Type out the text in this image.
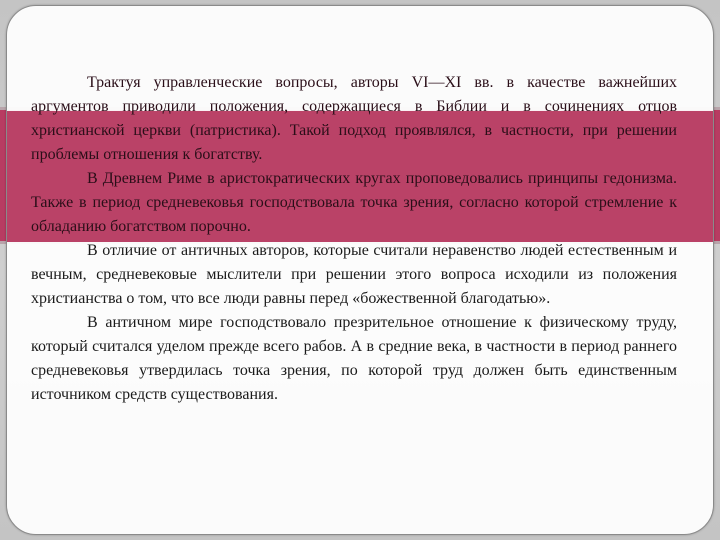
Трактуя управленческие вопросы, авторы VI—XI вв. в качестве важнейших аргументов приводили положения, содержащиеся в Библии и в сочинениях отцов христианской церкви (патристика). Такой подход проявлялся, в частности, при решении проблемы отношения к богатству.

В Древнем Риме в аристократических кругах проповедовались принципы гедонизма. Также в период средневековья господствовала точка зрения, согласно которой стремление к обладанию богатством порочно.

В отличие от античных авторов, которые считали неравенство людей естественным и вечным, средневековые мыслители при решении этого вопроса исходили из положения христианства о том, что все люди равны перед «божественной благодатью».

В античном мире господствовало презрительное отношение к физическому труду, который считался уделом прежде всего рабов. А в средние века, в частности в период раннего средневековья утвердилась точка зрения, по которой труд должен быть единственным источником средств существования.
